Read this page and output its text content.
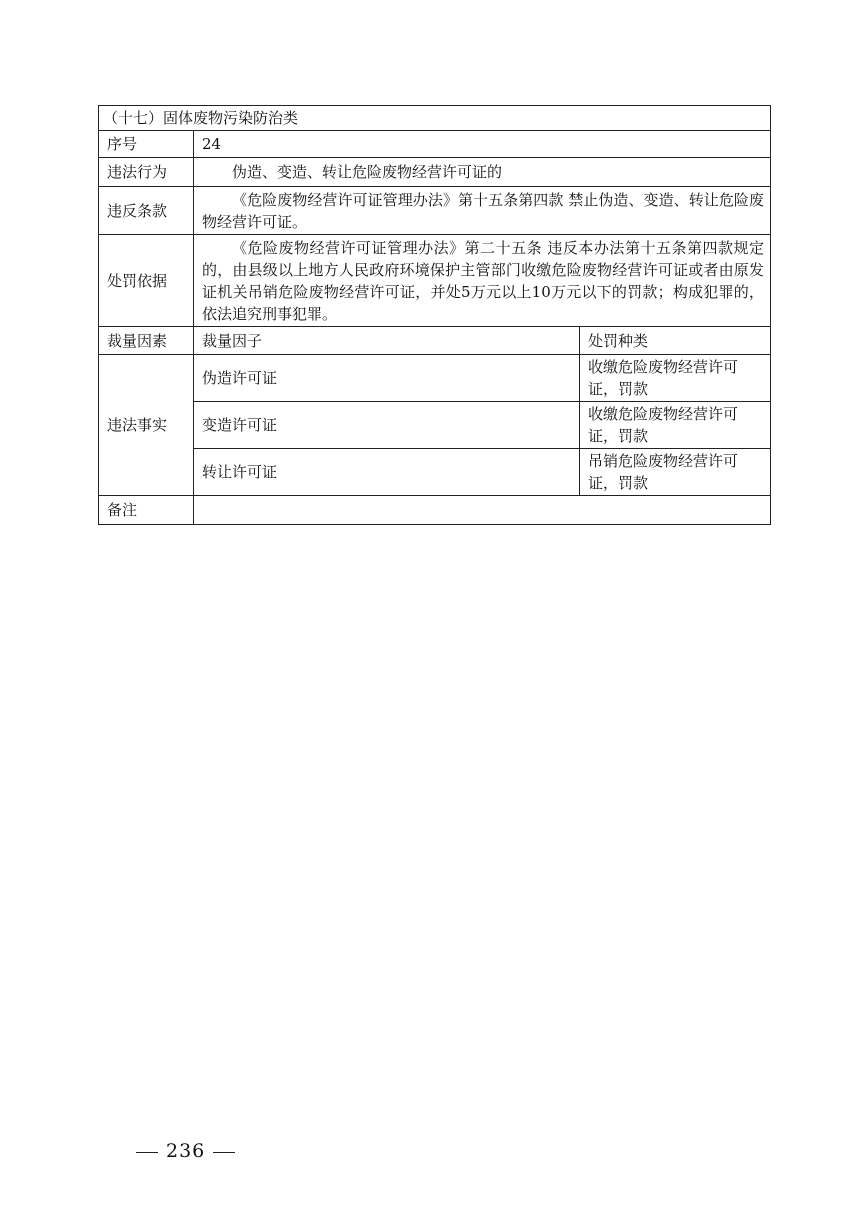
（十七）固体废物污染防治类		
序号	24	
违法行为	伪造、变造、转让危险废物经营许可证的	
违反条款	《危险废物经营许可证管理办法》第十五条第四款 禁止伪造、变造、转让危险废物经营许可证。	
处罚依据	《危险废物经营许可证管理办法》第二十五条 违反本办法第十五条第四款规定的，由县级以上地方人民政府环境保护主管部门收缴危险废物经营许可证或者由原发证机关吊销危险废物经营许可证，并处5万元以上10万元以下的罚款；构成犯罪的，依法追究刑事犯罪。	
裁量因素	裁量因子	处罚种类
违法事实	伪造许可证	收缴危险废物经营许可证，罚款
	变造许可证	收缴危险废物经营许可证，罚款
	转让许可证	吊销危险废物经营许可证，罚款
备注		
236
